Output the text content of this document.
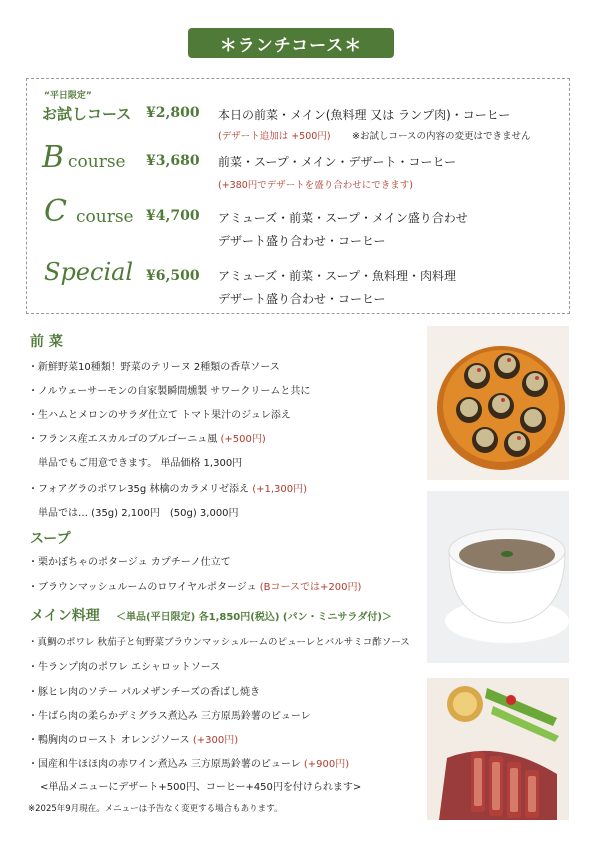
＊ランチコース＊
“平日限定”
お試しコース ¥2,800 本日の前菜・メイン(魚料理 又は ランプ肉)・コーヒー
(デザート追加は +500円) ※お試しコースの内容の変更はできません
B course ¥3,680 前菜・スープ・メイン・デザート・コーヒー
(+380円でデザートを盛り合わせにできます)
C course ¥4,700 アミューズ・前菜・スープ・メイン盛り合わせ
デザート盛り合わせ・コーヒー
Special ¥6,500 アミューズ・前菜・スープ・魚料理・肉料理
デザート盛り合わせ・コーヒー
前 菜
・新鮮野菜10種類！野菜のテリーヌ 2種類の香草ソース
・ノルウェーサーモンの自家製瞬間燻製 サワークリームと共に
・生ハムとメロンのサラダ仕立て トマト果汁のジュレ添え
・フランス産エスカルゴのブルゴーニュ風 (+500円)
　単品でもご用意できます。 単品価格 1,300円
・フォアグラのポワレ35g 林檎のカラメリゼ添え (+1,300円)
　単品では… (35g) 2,100円　(50g) 3,000円
スープ
・栗かぼちゃのポタージュ カプチーノ仕立て
・ブラウンマッシュルームのロワイヤルポタージュ (Bコースでは+200円)
メイン料理 ＜単品(平日限定) 各1,850円(税込) (パン・ミニサラダ付)＞
・真鯛のポワレ 秋茄子と旬野菜ブラウンマッシュルームのピューレとバルサミコ酢ソース
・牛ランプ肉のポワレ エシャロットソース
・豚ヒレ肉のソテー パルメザンチーズの香ばし焼き
・牛ばら肉の柔らかデミグラス煮込み 三方原馬鈴薯のピューレ
・鴨胸肉のロースト オレンジソース (+300円)
・国産和牛ほほ肉の赤ワイン煮込み 三方原馬鈴薯のピューレ (+900円)
<単品メニューにデザート+500円、コーヒー+450円を付けられます>
※2025年9月現在。メニューは予告なく変更する場合もあります。
